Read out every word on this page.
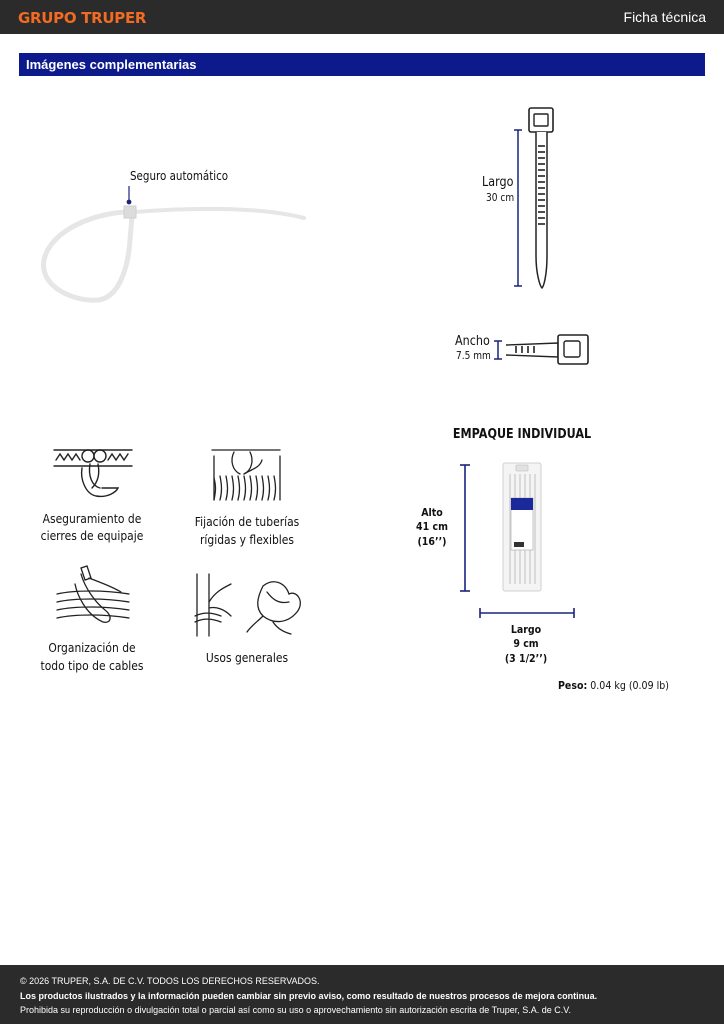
GRUPO TRUPER	Ficha técnica
Imágenes complementarias
Seguro automático	Largo
30 cm
Ancho
7.5 mm
Aseguramiento de
cierres de equipaje
Fijación de tuberías
rígidas y flexibles
Organización de
todo tipo de cables
Usos generales
EMPAQUE INDIVIDUAL
Alto
41 cm
(16’’)
Largo
9 cm
(3 1/2’’)
Peso: 0.04 kg (0.09 lb)
© 2026 TRUPER, S.A. DE C.V. TODOS LOS DERECHOS RESERVADOS.
Los productos ilustrados y la información pueden cambiar sin previo aviso, como resultado de nuestros procesos de mejora continua.
Prohibida su reproducción o divulgación total o parcial así como su uso o aprovechamiento sin autorización escrita de Truper, S.A. de C.V.
